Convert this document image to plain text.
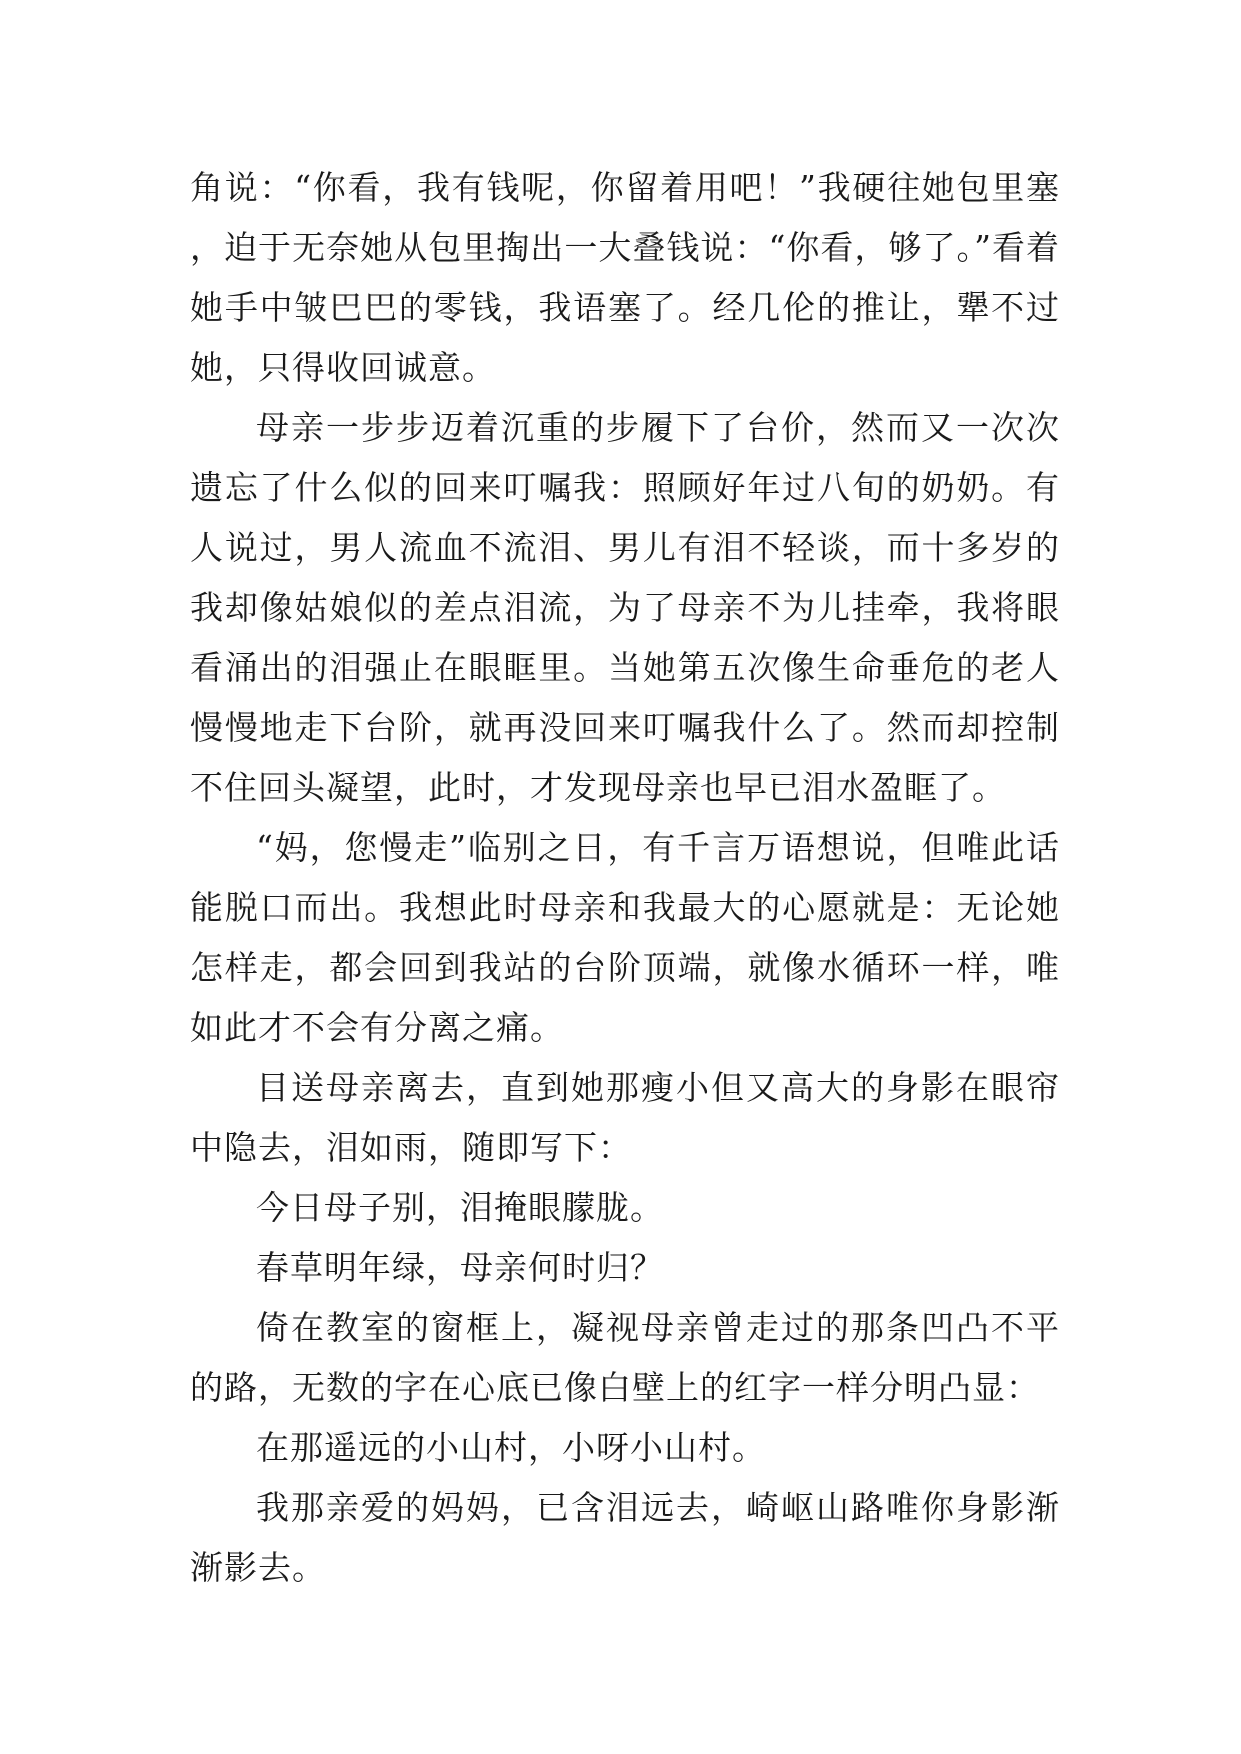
角说：“你看，我有钱呢，你留着用吧！”我硬往她包里塞，迫于无奈她从包里掏出一大叠钱说：“你看，够了。”看着她手中皱巴巴的零钱，我语塞了。经几伦的推让，犟不过她，只得收回诚意。

母亲一步步迈着沉重的步履下了台价，然而又一次次遗忘了什么似的回来叮嘱我：照顾好年过八旬的奶奶。有人说过，男人流血不流泪、男儿有泪不轻谈，而十多岁的我却像姑娘似的差点泪流，为了母亲不为儿挂牵，我将眼看涌出的泪强止在眼眶里。当她第五次像生命垂危的老人慢慢地走下台阶，就再没回来叮嘱我什么了。然而却控制不住回头凝望，此时，才发现母亲也早已泪水盈眶了。

“妈，您慢走”临别之日，有千言万语想说，但唯此话能脱口而出。我想此时母亲和我最大的心愿就是：无论她怎样走，都会回到我站的台阶顶端，就像水循环一样，唯如此才不会有分离之痛。

目送母亲离去，直到她那瘦小但又高大的身影在眼帘中隐去，泪如雨，随即写下：

今日母子别，泪掩眼朦胧。

春草明年绿，母亲何时归？

倚在教室的窗框上，凝视母亲曾走过的那条凹凸不平的路，无数的字在心底已像白壁上的红字一样分明凸显：

在那遥远的小山村，小呀小山村。

我那亲爱的妈妈，已含泪远去，崎岖山路唯你身影渐渐影去。
